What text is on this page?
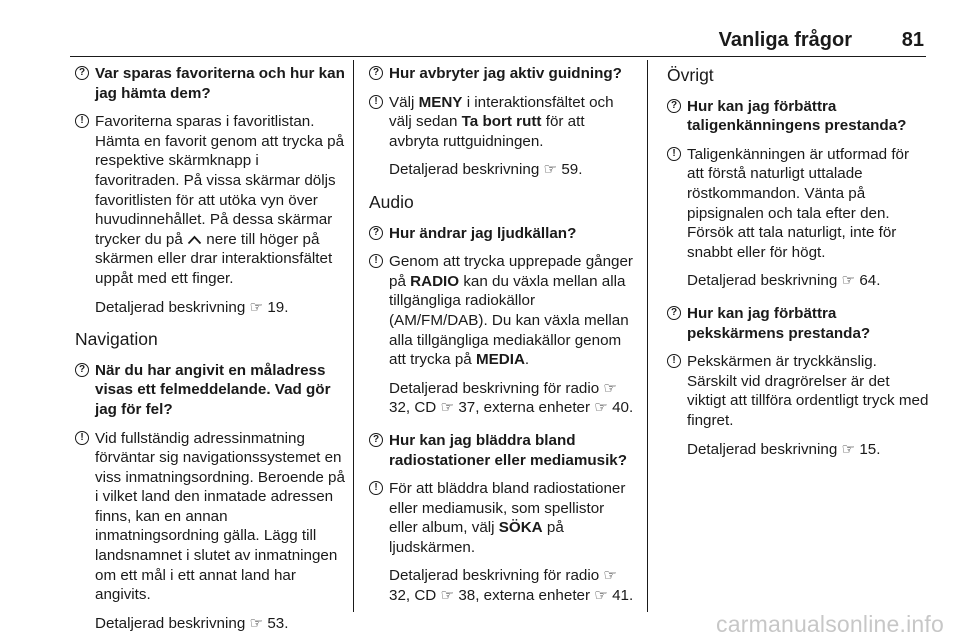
Vanliga frågor 81
? Var sparas favoriterna och hur kan jag hämta dem?
! Favoriterna sparas i favoritlistan. Hämta en favorit genom att trycka på respektive skärmknapp i favoritraden. På vissa skärmar döljs favoritlisten för att utöka vyn över huvudinnehållet. På dessa skärmar trycker du på nere till höger på skärmen eller drar interaktionsfältet uppåt med ett finger.
Detaljerad beskrivning ☞ 19.
Navigation
? När du har angivit en måladress visas ett felmeddelande. Vad gör jag för fel?
! Vid fullständig adressinmatning förväntar sig navigationssystemet en viss inmatningsordning. Beroende på i vilket land den inmatade adressen finns, kan en annan inmatningsordning gälla. Lägg till landsnamnet i slutet av inmatningen om ett mål i ett annat land har angivits.
Detaljerad beskrivning ☞ 53.
? Hur avbryter jag aktiv guidning?
! Välj MENY i interaktionsfältet och välj sedan Ta bort rutt för att avbryta ruttguidningen.
Detaljerad beskrivning ☞ 59.
Audio
? Hur ändrar jag ljudkällan?
! Genom att trycka upprepade gånger på RADIO kan du växla mellan alla tillgängliga radiokällor (AM/FM/DAB). Du kan växla mellan alla tillgängliga mediakällor genom att trycka på MEDIA.
Detaljerad beskrivning för radio ☞ 32, CD ☞ 37, externa enheter ☞ 40.
? Hur kan jag bläddra bland radiostationer eller mediamusik?
! För att bläddra bland radiostationer eller mediamusik, som spellistor eller album, välj SÖKA på ljudskärmen.
Detaljerad beskrivning för radio ☞ 32, CD ☞ 38, externa enheter ☞ 41.
Övrigt
? Hur kan jag förbättra taligenkänningens prestanda?
! Taligenkänningen är utformad för att förstå naturligt uttalade röstkommandon. Vänta på pipsignalen och tala efter den. Försök att tala naturligt, inte för snabbt eller för högt.
Detaljerad beskrivning ☞ 64.
? Hur kan jag förbättra pekskärmens prestanda?
! Pekskärmen är tryckkänslig. Särskilt vid dragrörelser är det viktigt att tillföra ordentligt tryck med fingret.
Detaljerad beskrivning ☞ 15.
carmanualsonline.info
